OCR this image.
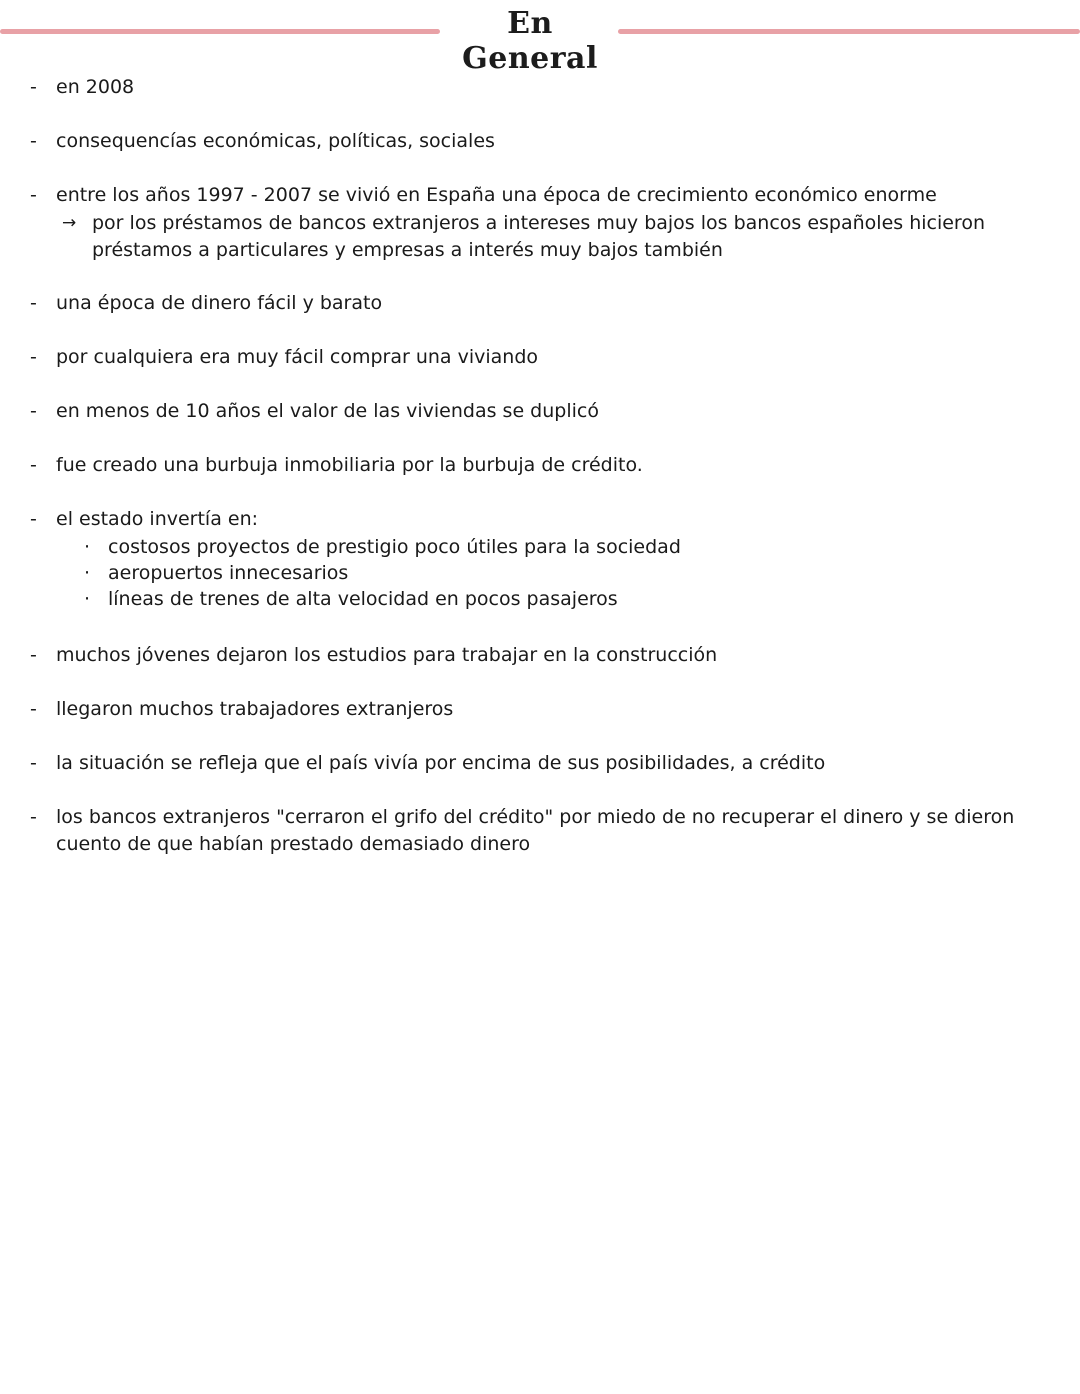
En General
-	en 2008
-	consequencías económicas, políticas, sociales
-	entre los años 1997 - 2007 se vivió en España una época de crecimiento económico enorme
→ por los préstamos de bancos extranjeros a intereses muy bajos los bancos españoles hicieron préstamos a particulares y empresas a interés muy bajos también
-	una época de dinero fácil y barato
-	por cualquiera era muy fácil comprar una viviando
-	en menos de 10 años el valor de las viviendas se duplicó
-	fue creado una burbuja inmobiliaria por la burbuja de crédito.
-	el estado invertía en:
· costosos proyectos de prestigio poco útiles para la sociedad
· aeropuertos innecesarios
· líneas de trenes de alta velocidad en pocos pasajeros
-	muchos jóvenes dejaron los estudios para trabajar en la construcción
-	llegaron muchos trabajadores extranjeros
-	la situación se refleja que el país vivía por encima de sus posibilidades, a crédito
-	los bancos extranjeros "cerraron el grifo del crédito" por miedo de no recuperar el dinero y se dieron cuento de que habían prestado demasiado dinero
